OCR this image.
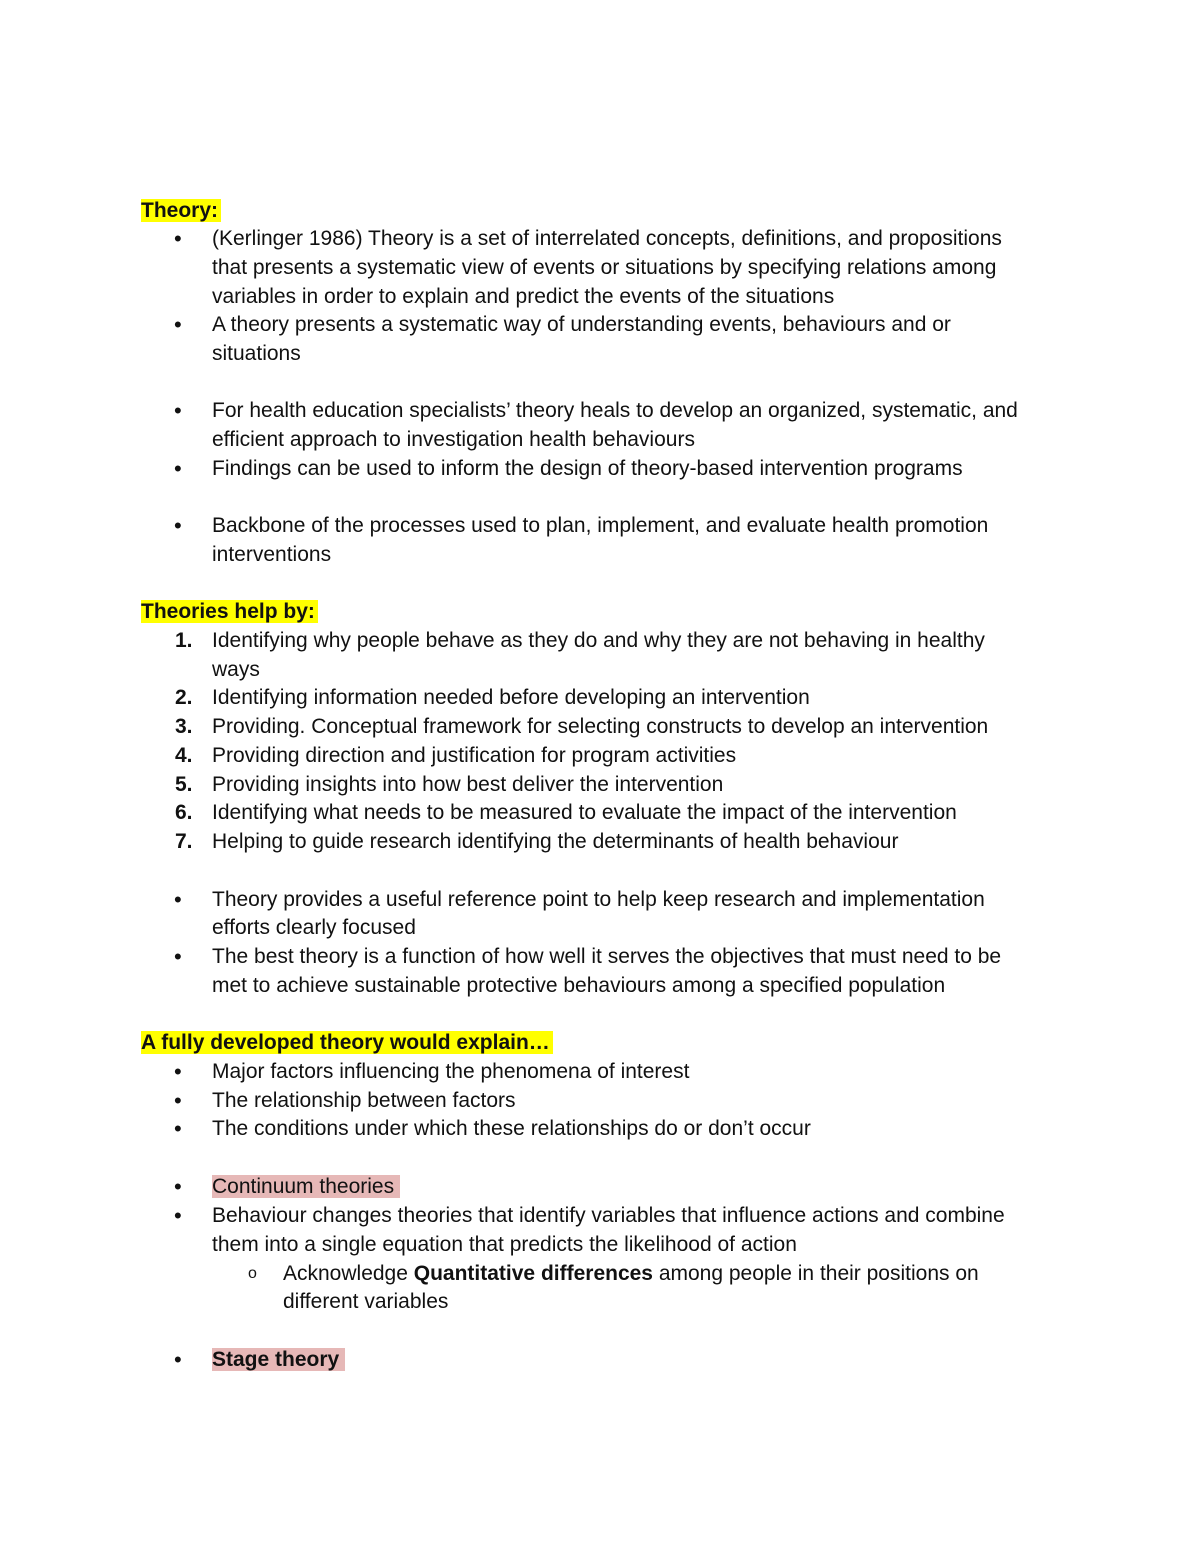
Theory:
• (Kerlinger 1986) Theory is a set of interrelated concepts, definitions, and propositions
that presents a systematic view of events or situations by specifying relations among
variables in order to explain and predict the events of the situations
• A theory presents a systematic way of understanding events, behaviours and or
situations
• For health education specialists’ theory heals to develop an organized, systematic, and
efficient approach to investigation health behaviours
• Findings can be used to inform the design of theory-based intervention programs
• Backbone of the processes used to plan, implement, and evaluate health promotion
interventions
Theories help by:
1. Identifying why people behave as they do and why they are not behaving in healthy
ways
2. Identifying information needed before developing an intervention
3. Providing. Conceptual framework for selecting constructs to develop an intervention
4. Providing direction and justification for program activities
5. Providing insights into how best deliver the intervention
6. Identifying what needs to be measured to evaluate the impact of the intervention
7. Helping to guide research identifying the determinants of health behaviour
• Theory provides a useful reference point to help keep research and implementation
efforts clearly focused
• The best theory is a function of how well it serves the objectives that must need to be
met to achieve sustainable protective behaviours among a specified population
A fully developed theory would explain…
• Major factors influencing the phenomena of interest
• The relationship between factors
• The conditions under which these relationships do or don’t occur
• Continuum theories
• Behaviour changes theories that identify variables that influence actions and combine
them into a single equation that predicts the likelihood of action
o Acknowledge Quantitative differences among people in their positions on
different variables
• Stage theory
